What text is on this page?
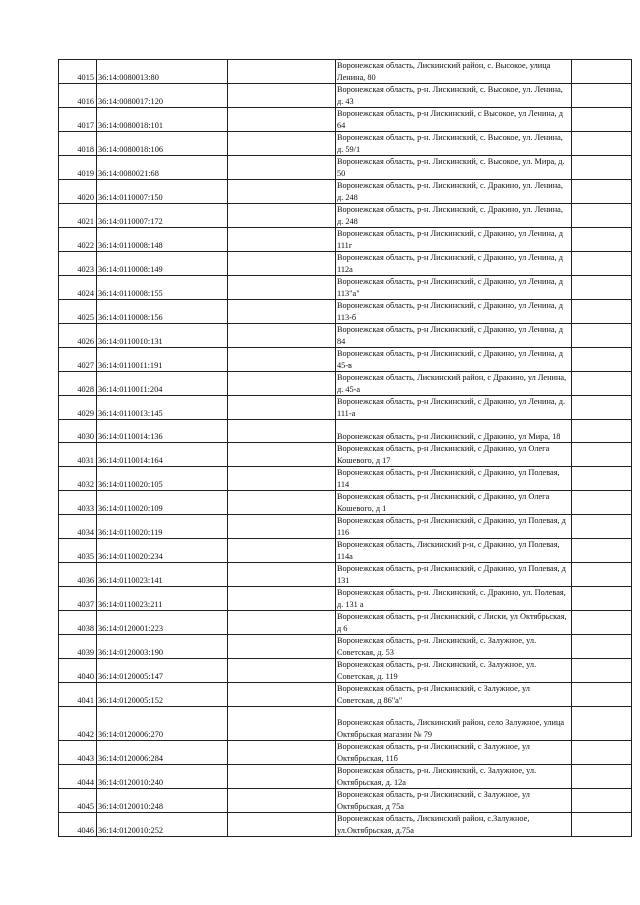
4015	36:14:0080013:80		Воронежская область, Лискинский район, с. Высокое, улица Ленина, 80	
4016	36:14:0080017:120		Воронежская область, р-н. Лискинский, с. Высокое, ул. Ленина, д. 43	
4017	36:14:0080018:101		Воронежская область, р-н Лискинский, с Высокое, ул Ленина, д 64	
4018	36:14:0080018:106		Воронежская область, р-н. Лискинский, с. Высокое, ул. Ленина, д. 59/1	
4019	36:14:0080021:68		Воронежская область, р-н. Лискинский, с. Высокое, ул. Мира, д. 50	
4020	36:14:0110007:150		Воронежская область, р-н. Лискинский, с. Дракино, ул. Ленина, д. 248	
4021	36:14:0110007:172		Воронежская область, р-н. Лискинский, с. Дракино, ул. Ленина, д. 248	
4022	36:14:0110008:148		Воронежская область, р-н Лискинский, с Дракино, ул Ленина, д 111г	
4023	36:14:0110008:149		Воронежская область, р-н Лискинский, с Дракино, ул Ленина, д 112а	
4024	36:14:0110008:155		Воронежская область, р-н Лискинский, с Дракино, ул Ленина, д 113"а"	
4025	36:14:0110008:156		Воронежская область, р-н Лискинский, с Дракино, ул Ленина, д 113-б	
4026	36:14:0110010:131		Воронежская область, р-н Лискинский, с Дракино, ул Ленина, д 84	
4027	36:14:0110011:191		Воронежская область, р-н Лискинский, с Дракино, ул Ленина, д 45-в	
4028	36:14:0110011:204		Воронежская область, Лискинский район, с Дракино, ул Ленина, д. 45-а	
4029	36:14:0110013:145		Воронежская область, р-н Лискинский, с Дракино, ул Ленина, д. 111-а	
4030	36:14:0110014:136		Воронежская область, р-н Лискинский, с Дракино, ул Мира, 18	
4031	36:14:0110014:164		Воронежская область, р-н Лискинский, с Дракино, ул Олега Кошевого, д 17	
4032	36:14:0110020:105		Воронежская область, р-н Лискинский, с Дракино, ул Полевая, 114	
4033	36:14:0110020:109		Воронежская область, р-н Лискинский, с Дракино, ул Олега Кошевого, д 1	
4034	36:14:0110020:119		Воронежская область, р-н Лискинский, с Дракино, ул Полевая, д 116	
4035	36:14:0110020:234		Воронежская область, Лискинский р-н, с Дракино, ул Полевая, 114а	
4036	36:14:0110023:141		Воронежская область, р-н Лискинский, с Дракино, ул Полевая, д 131	
4037	36:14:0110023:211		Воронежская область, р-н. Лискинский, с. Дракино, ул. Полевая, д. 131 а	
4038	36:14:0120001:223		Воронежская область, р-н Лискинский, с Лиски, ул Октябрьская, д 6	
4039	36:14:0120003:190		Воронежская область, р-н. Лискинский, с. Залужное, ул. Советская, д. 53	
4040	36:14:0120005:147		Воронежская область, р-н. Лискинский, с. Залужное, ул. Советская, д. 119	
4041	36:14:0120005:152		Воронежская область, р-н Лискинский, с Залужное, ул Советская, д 86"а"	
4042	36:14:0120006:270		Воронежская область, Лискинский район, село Залужное, улица Октябрьская магазин № 79	
4043	36:14:0120006:284		Воронежская область, р-н Лискинский, с Залужное, ул Октябрьская, 11б	
4044	36:14:0120010:240		Воронежская область, р-н. Лискинский, с. Залужное, ул. Октябрьская, д. 12а	
4045	36:14:0120010:248		Воронежская область, р-н Лискинский, с Залужное, ул Октябрьская, д 75а	
4046	36:14:0120010:252		Воронежская область, Лискинский район, с.Залужное, ул.Октябрьская, д.75а	
